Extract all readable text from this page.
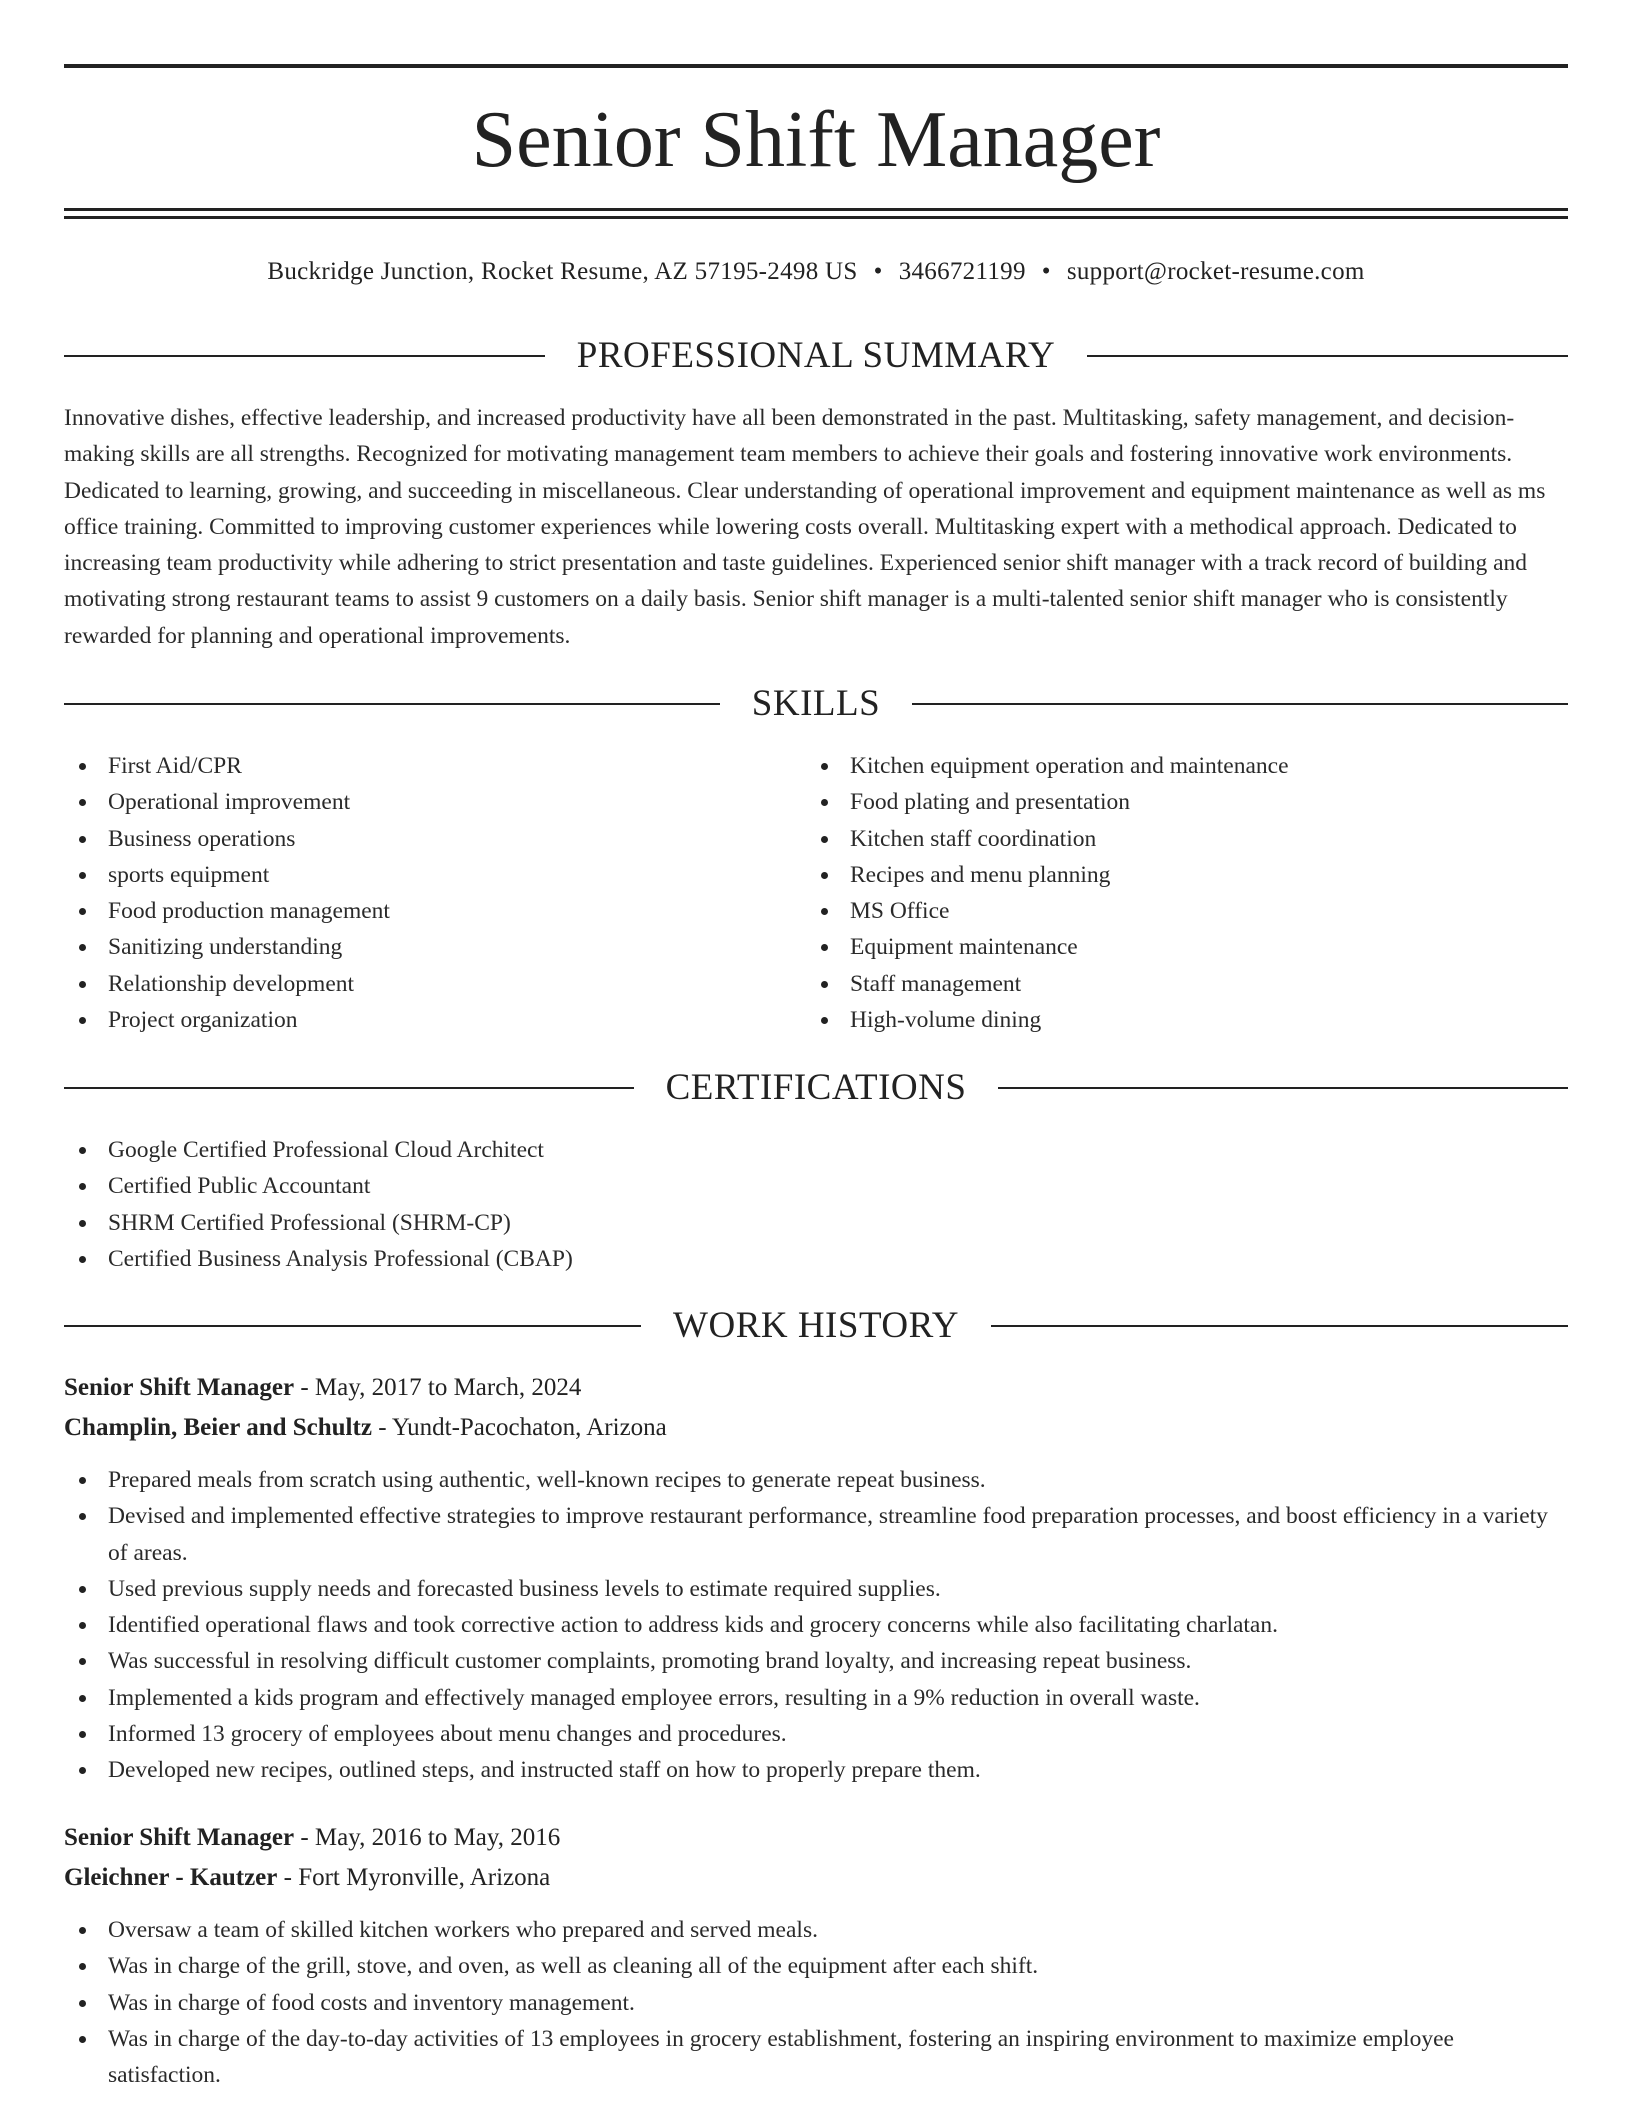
Senior Shift Manager
Buckridge Junction, Rocket Resume, AZ 57195-2498 US • 3466721199 • support@rocket-resume.com
PROFESSIONAL SUMMARY

Innovative dishes, effective leadership, and increased productivity have all been demonstrated in the past. Multitasking, safety management, and decision-making skills are all strengths. Recognized for motivating management team members to achieve their goals and fostering innovative work environments. Dedicated to learning, growing, and succeeding in miscellaneous. Clear understanding of operational improvement and equipment maintenance as well as ms office training. Committed to improving customer experiences while lowering costs overall. Multitasking expert with a methodical approach. Dedicated to increasing team productivity while adhering to strict presentation and taste guidelines. Experienced senior shift manager with a track record of building and motivating strong restaurant teams to assist 9 customers on a daily basis. Senior shift manager is a multi-talented senior shift manager who is consistently rewarded for planning and operational improvements.

SKILLS
First Aid/CPR
Operational improvement
Business operations
sports equipment
Food production management
Sanitizing understanding
Relationship development
Project organization
Kitchen equipment operation and maintenance
Food plating and presentation
Kitchen staff coordination
Recipes and menu planning
MS Office
Equipment maintenance
Staff management
High-volume dining
CERTIFICATIONS
Google Certified Professional Cloud Architect
Certified Public Accountant
SHRM Certified Professional (SHRM-CP)
Certified Business Analysis Professional (CBAP)
WORK HISTORY
Senior Shift Manager - May, 2017 to March, 2024
Champlin, Beier and Schultz - Yundt-Pacochaton, Arizona
Prepared meals from scratch using authentic, well-known recipes to generate repeat business.
Devised and implemented effective strategies to improve restaurant performance, streamline food preparation processes, and boost efficiency in a variety of areas.
Used previous supply needs and forecasted business levels to estimate required supplies.
Identified operational flaws and took corrective action to address kids and grocery concerns while also facilitating charlatan.
Was successful in resolving difficult customer complaints, promoting brand loyalty, and increasing repeat business.
Implemented a kids program and effectively managed employee errors, resulting in a 9% reduction in overall waste.
Informed 13 grocery of employees about menu changes and procedures.
Developed new recipes, outlined steps, and instructed staff on how to properly prepare them.
Senior Shift Manager - May, 2016 to May, 2016
Gleichner - Kautzer - Fort Myronville, Arizona
Oversaw a team of skilled kitchen workers who prepared and served meals.
Was in charge of the grill, stove, and oven, as well as cleaning all of the equipment after each shift.
Was in charge of food costs and inventory management.
Was in charge of the day-to-day activities of 13 employees in grocery establishment, fostering an inspiring environment to maximize employee satisfaction.
